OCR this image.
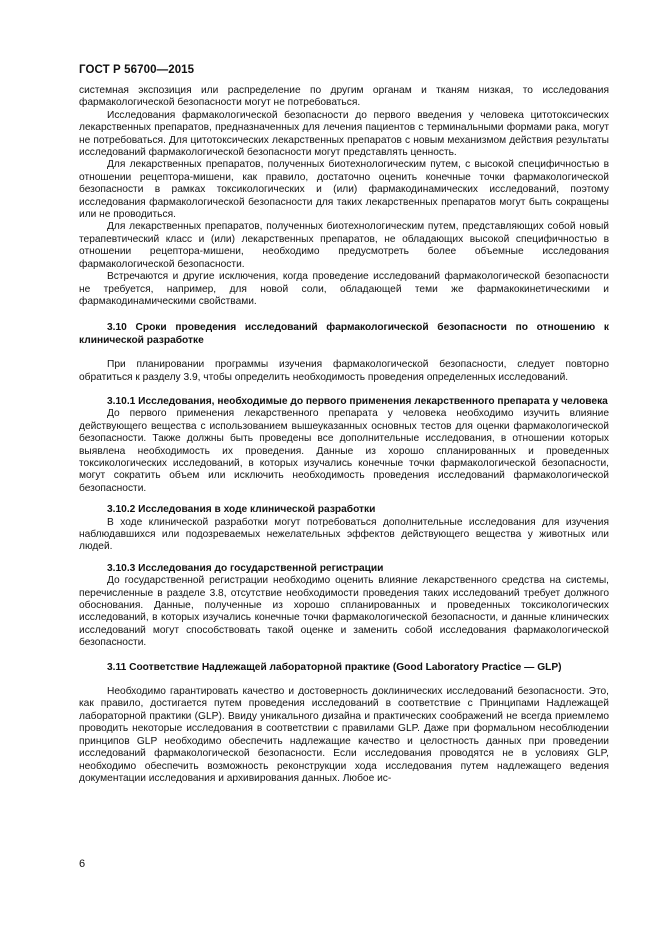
ГОСТ Р 56700—2015

системная экспозиция или распределение по другим органам и тканям низкая, то исследования фармакологической безопасности могут не потребоваться.

Исследования фармакологической безопасности до первого введения у человека цитотоксических лекарственных препаратов, предназначенных для лечения пациентов с терминальными формами рака, могут не потребоваться. Для цитотоксических лекарственных препаратов с новым механизмом действия результаты исследований фармакологической безопасности могут представлять ценность.

Для лекарственных препаратов, полученных биотехнологическим путем, с высокой специфичностью в отношении рецептора-мишени, как правило, достаточно оценить конечные точки фармакологической безопасности в рамках токсикологических и (или) фармакодинамических исследований, поэтому исследования фармакологической безопасности для таких лекарственных препаратов могут быть сокращены или не проводиться.

Для лекарственных препаратов, полученных биотехнологическим путем, представляющих собой новый терапевтический класс и (или) лекарственных препаратов, не обладающих высокой специфичностью в отношении рецептора-мишени, необходимо предусмотреть более объемные исследования фармакологической безопасности.

Встречаются и другие исключения, когда проведение исследований фармакологической безопасности не требуется, например, для новой соли, обладающей теми же фармакокинетическими и фармакодинамическими свойствами.

3.10 Сроки проведения исследований фармакологической безопасности по отношению к клинической разработке

При планировании программы изучения фармакологической безопасности, следует повторно обратиться к разделу 3.9, чтобы определить необходимость проведения определенных исследований.

3.10.1 Исследования, необходимые до первого применения лекарственного препарата у человека

До первого применения лекарственного препарата у человека необходимо изучить влияние действующего вещества с использованием вышеуказанных основных тестов для оценки фармакологической безопасности. Также должны быть проведены все дополнительные исследования, в отношении которых выявлена необходимость их проведения. Данные из хорошо спланированных и проведенных токсикологических исследований, в которых изучались конечные точки фармакологической безопасности, могут сократить объем или исключить необходимость проведения исследований фармакологической безопасности.

3.10.2 Исследования в ходе клинической разработки

В ходе клинической разработки могут потребоваться дополнительные исследования для изучения наблюдавшихся или подозреваемых нежелательных эффектов действующего вещества у животных или людей.

3.10.3 Исследования до государственной регистрации

До государственной регистрации необходимо оценить влияние лекарственного средства на системы, перечисленные в разделе 3.8, отсутствие необходимости проведения таких исследований требует должного обоснования. Данные, полученные из хорошо спланированных и проведенных токсикологических исследований, в которых изучались конечные точки фармакологической безопасности, и данные клинических исследований могут способствовать такой оценке и заменить собой исследования фармакологической безопасности.

3.11 Соответствие Надлежащей лабораторной практике (Good Laboratory Practice — GLP)

Необходимо гарантировать качество и достоверность доклинических исследований безопасности. Это, как правило, достигается путем проведения исследований в соответствие с Принципами Надлежащей лабораторной практики (GLP). Ввиду уникального дизайна и практических соображений не всегда приемлемо проводить некоторые исследования в соответствии с правилами GLP. Даже при формальном несоблюдении принципов GLP необходимо обеспечить надлежащие качество и целостность данных при проведении исследований фармакологической безопасности. Если исследования проводятся не в условиях GLP, необходимо обеспечить возможность реконструкции хода исследования путем надлежащего ведения документации исследования и архивирования данных. Любое ис-

6
